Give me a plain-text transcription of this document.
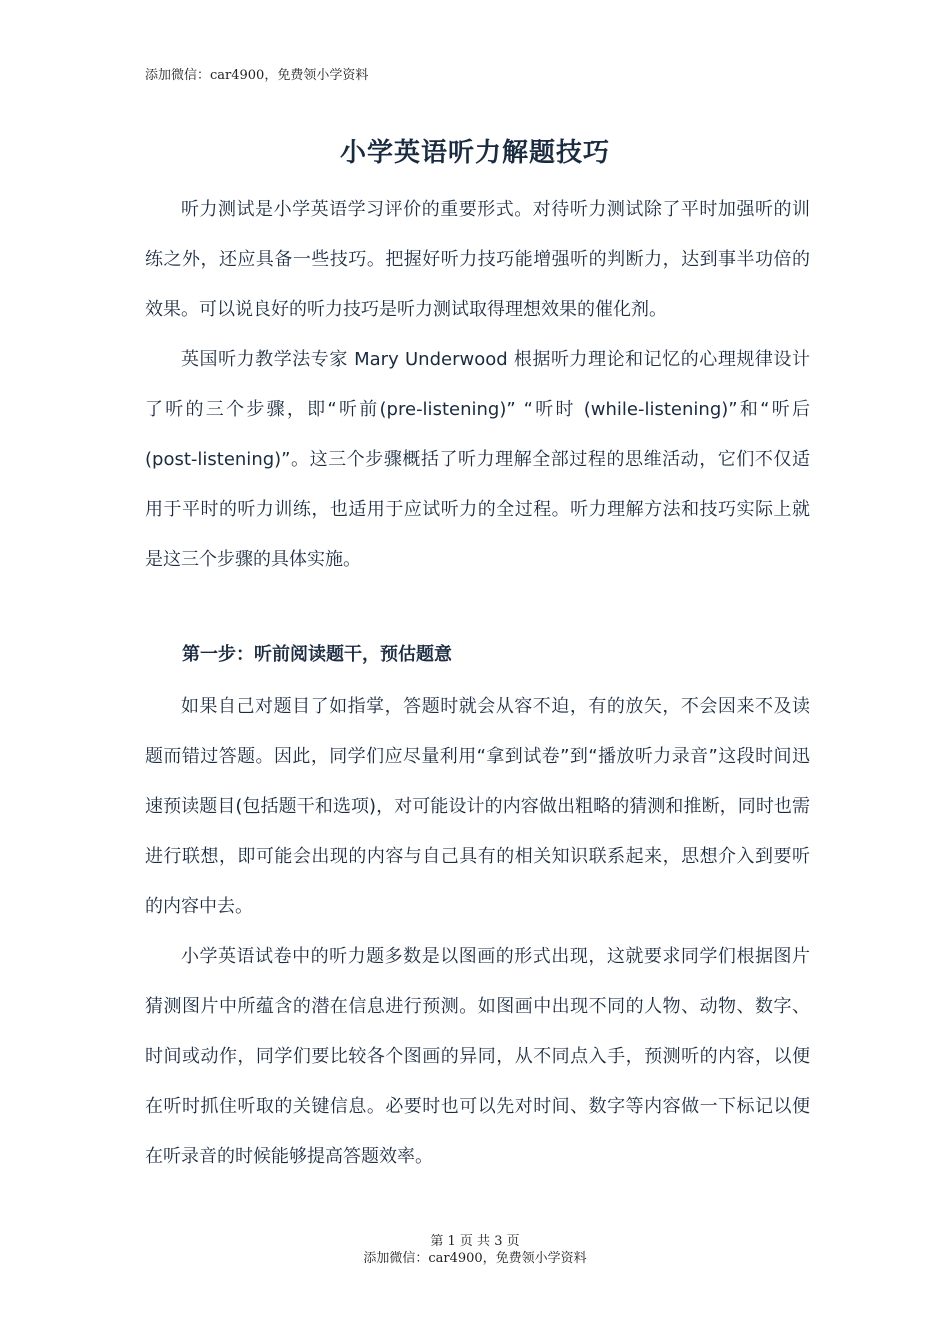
添加微信：car4900，免费领小学资料
小学英语听力解题技巧

听力测试是小学英语学习评价的重要形式。对待听力测试除了平时加强听的训练之外，还应具备一些技巧。把握好听力技巧能增强听的判断力，达到事半功倍的效果。可以说良好的听力技巧是听力测试取得理想效果的催化剂。

英国听力教学法专家 Mary Underwood 根据听力理论和记忆的心理规律设计了听的三个步骤，即“听前(pre-listening)” “听时 (while-listening)”和“听后(post-listening)”。这三个步骤概括了听力理解全部过程的思维活动，它们不仅适用于平时的听力训练，也适用于应试听力的全过程。听力理解方法和技巧实际上就是这三个步骤的具体实施。

第一步：听前阅读题干，预估题意

如果自己对题目了如指掌，答题时就会从容不迫，有的放矢，不会因来不及读题而错过答题。因此，同学们应尽量利用“拿到试卷”到“播放听力录音”这段时间迅速预读题目(包括题干和选项)，对可能设计的内容做出粗略的猜测和推断，同时也需进行联想，即可能会出现的内容与自己具有的相关知识联系起来，思想介入到要听的内容中去。

小学英语试卷中的听力题多数是以图画的形式出现，这就要求同学们根据图片猜测图片中所蕴含的潜在信息进行预测。如图画中出现不同的人物、动物、数字、时间或动作，同学们要比较各个图画的异同，从不同点入手，预测听的内容，以便在听时抓住听取的关键信息。必要时也可以先对时间、数字等内容做一下标记以便在听录音的时候能够提高答题效率。

第 1 页 共 3 页
添加微信：car4900，免费领小学资料
